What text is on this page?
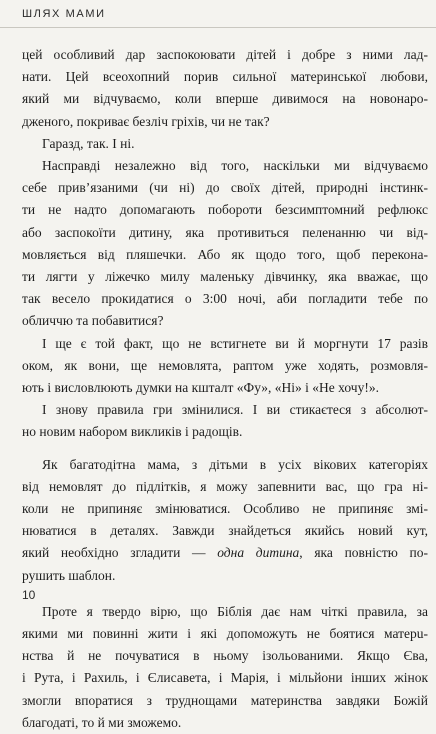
ШЛЯХ МАМИ

цей особливий дар заспокоювати дітей і добре з ними лад-
нати. Цей всеохопний порив сильної материнської любови,
який ми відчуваємо, коли вперше дивимося на новонаро-
дженого, покриває безліч гріхів, чи не так?

Гаразд, так. І ні.

Насправді незалежно від того, наскільки ми відчуваємо
себе прив’язаними (чи ні) до своїх дітей, природні інстинк-
ти не надто допомагають побороти безсимптомний рефлюкс
або заспокоїти дитину, яка противиться пеленанню чи від-
мовляється від пляшечки. Або як щодо того, щоб переконa-
ти лягти у ліжечко милу маленьку дівчинку, яка вважає, що
так весело прокидатися о 3:00 ночі, аби погладити тебе по
обличчю та побавитися?

І ще є той факт, що не встигнете ви й моргнути 17 разів
оком, як вони, ще немовлята, раптом уже ходять, розмовля-
ють і висловлюють думки на кшталт «Фу», «Ні» і «Не хочу!».

І знову правила гри змінилися. І ви стикаєтеся з абсолют-
но новим набором викликів і радощів.

Як багатодітна мама, з дітьми в усіх вікових категоріях
від немовлят до підлітків, я можу запевнити вас, що гра ні-
коли не припиняє змінюватися. Особливо не припиняє змі-
нюватися в деталях. Завжди знайдеться якийсь новий кут,
який необхідно згладити — одна дитина, яка повністю по-
рушить шаблон.

Проте я твердо вірю, що Біблія дає нам чіткі правила, за
якими ми повинні жити і які допоможуть не боятися матерu-
нства й не почуватися в ньому ізольованими. Якщо Єва,
і Рута, і Рахиль, і Єлисавета, і Марія, і мільйони інших жінок
змогли впоратися з труднощами материнства завдяки Божій
благодаті, то й ми зможемо.

10
